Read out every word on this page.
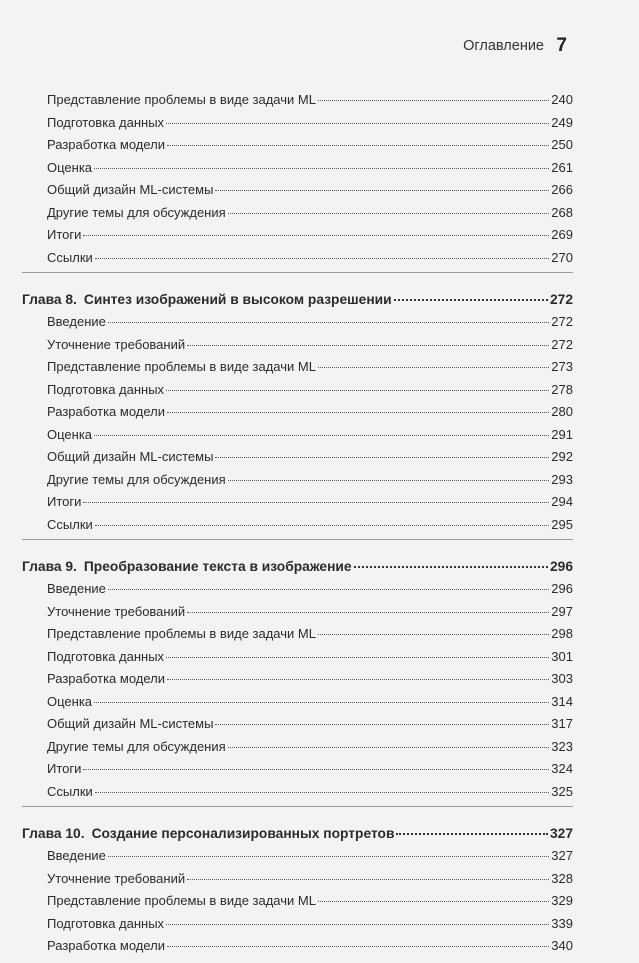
Оглавление 7
Представление проблемы в виде задачи ML	240
Подготовка данных	249
Разработка модели	250
Оценка	261
Общий дизайн ML-системы	266
Другие темы для обсуждения	268
Итоги	269
Ссылки	270
Глава 8. Синтез изображений в высоком разрешении	272
Введение	272
Уточнение требований	272
Представление проблемы в виде задачи ML	273
Подготовка данных	278
Разработка модели	280
Оценка	291
Общий дизайн ML-системы	292
Другие темы для обсуждения	293
Итоги	294
Ссылки	295
Глава 9. Преобразование текста в изображение	296
Введение	296
Уточнение требований	297
Представление проблемы в виде задачи ML	298
Подготовка данных	301
Разработка модели	303
Оценка	314
Общий дизайн ML-системы	317
Другие темы для обсуждения	323
Итоги	324
Ссылки	325
Глава 10. Создание персонализированных портретов	327
Введение	327
Уточнение требований	328
Представление проблемы в виде задачи ML	329
Подготовка данных	339
Разработка модели	340
